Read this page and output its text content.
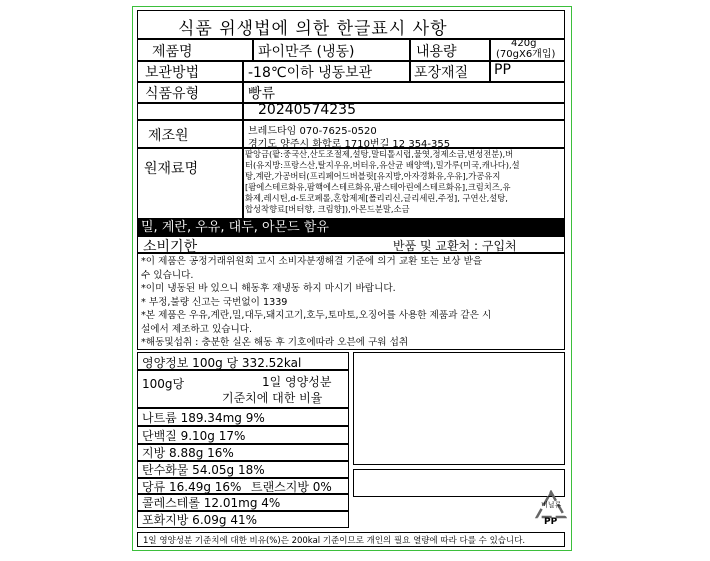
식품 위생법에 의한 한글표시 사항
제품명	파이만주 (냉동)	내용량
420g
(70gX6개입)
보관방법	-18℃이하 냉동보관	포장재질 PP
식품유형	빵류
20240574235
제조원	브레드타임 070-7625-0520
경기도 양주시 화합로 1710번길 12 354-355
원재료명
팥앙금(팥:중국산,산도조절제,설탕,말티톨시럽,물엿,정제소금,변성전분),버
터(유지방:프랑스산,탈지우유,버터유,유산균 배양액),밀가루(미국,캐나다),설
탕,계란,가공버터(프리페어드버블릿[유지방,아자경화유,우유],가공유지
[팜에스테르화유,팜핵에스테르화유,팜스테아린에스테르화유],크림치즈,유
화제,레시틴,d-토코페롤,혼합제제[폴리리신,글리세린,주정], 구연산,설탕,
합성착향료[버터향, 크림향]),아몬드분말,소금
밀, 계란, 우유, 대두, 아몬드 함유
소비기한	반품 및 교환처 : 구입처
*이 제품은 공정거래위원회 고시 소비자분쟁해결 기준에 의거 교환 또는 보상 받을
수 있습니다.
*이미 냉동된 바 있으니 해동후 재냉동 하지 마시기 바랍니다.
* 부정,불량 신고는 국번없이 1339
*본 제품은 우유,계란,밀,대두,돼지고기,호두,토마토,오징어를 사용한 제품과 같은 시
설에서 제조하고 있습니다.
*해동및섭취 : 충분한 실온 해동 후 기호에따라 오븐에 구워 섭취
영양정보 100g 당 332.52kal
100g당	1일 영양성분
기준치에 대한 비율
나트륨 189.34mg 9%
단백질 9.10g 17%
지방 8.88g 16%
탄수화물 54.05g 18%
당류 16.49g 16% 트랜스지방 0%
콜레스테롤 12.01mg 4%
포화지방 6.09g 41%
비닐류
PP
1일 영양성분 기준치에 대한 비유(%)은 200kal 기준이므로 개인의 필요 열량에 따라 다를 수 있습니다.
